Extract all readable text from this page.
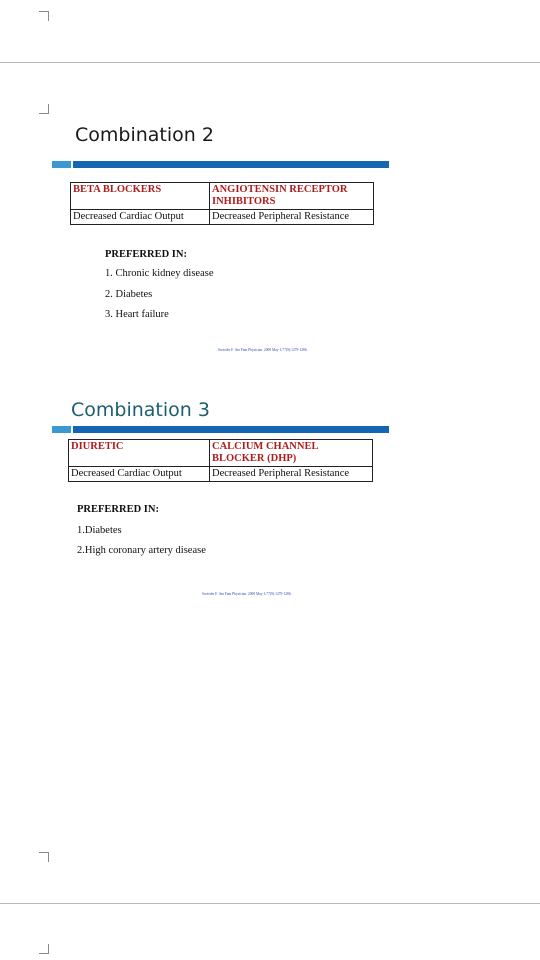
Combination 2
BETA BLOCKERS	ANGIOTENSIN RECEPTOR INHIBITORS
Decreased Cardiac Output	Decreased Peripheral Resistance
PREFERRED IN:
1. Chronic kidney disease
2. Diabetes
3. Heart failure
Sweeder F. Am Fam Physician. 2008 May 1;77(9):1279-1286.
Combination 3
DIURETIC	CALCIUM CHANNEL BLOCKER (DHP)
Decreased Cardiac Output	Decreased Peripheral Resistance
PREFERRED IN:
1.Diabetes
2.High coronary artery disease
Sweeder F. Am Fam Physician. 2008 May 1;77(9):1279-1286.
